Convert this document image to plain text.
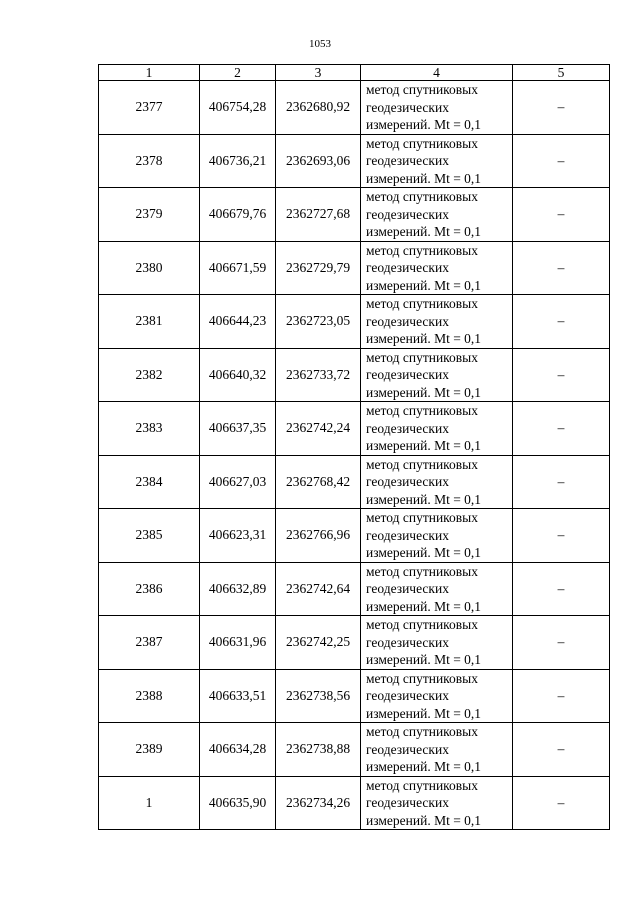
1053
1	2	3	4	5
2377	406754,28	2362680,92	метод спутниковых
геодезических
измерений. Mt = 0,1	–
2378	406736,21	2362693,06	метод спутниковых
геодезических
измерений. Mt = 0,1	–
2379	406679,76	2362727,68	метод спутниковых
геодезических
измерений. Mt = 0,1	–
2380	406671,59	2362729,79	метод спутниковых
геодезических
измерений. Mt = 0,1	–
2381	406644,23	2362723,05	метод спутниковых
геодезических
измерений. Mt = 0,1	–
2382	406640,32	2362733,72	метод спутниковых
геодезических
измерений. Mt = 0,1	–
2383	406637,35	2362742,24	метод спутниковых
геодезических
измерений. Mt = 0,1	–
2384	406627,03	2362768,42	метод спутниковых
геодезических
измерений. Mt = 0,1	–
2385	406623,31	2362766,96	метод спутниковых
геодезических
измерений. Mt = 0,1	–
2386	406632,89	2362742,64	метод спутниковых
геодезических
измерений. Mt = 0,1	–
2387	406631,96	2362742,25	метод спутниковых
геодезических
измерений. Mt = 0,1	–
2388	406633,51	2362738,56	метод спутниковых
геодезических
измерений. Mt = 0,1	–
2389	406634,28	2362738,88	метод спутниковых
геодезических
измерений. Mt = 0,1	–
1	406635,90	2362734,26	метод спутниковых
геодезических
измерений. Mt = 0,1	–
